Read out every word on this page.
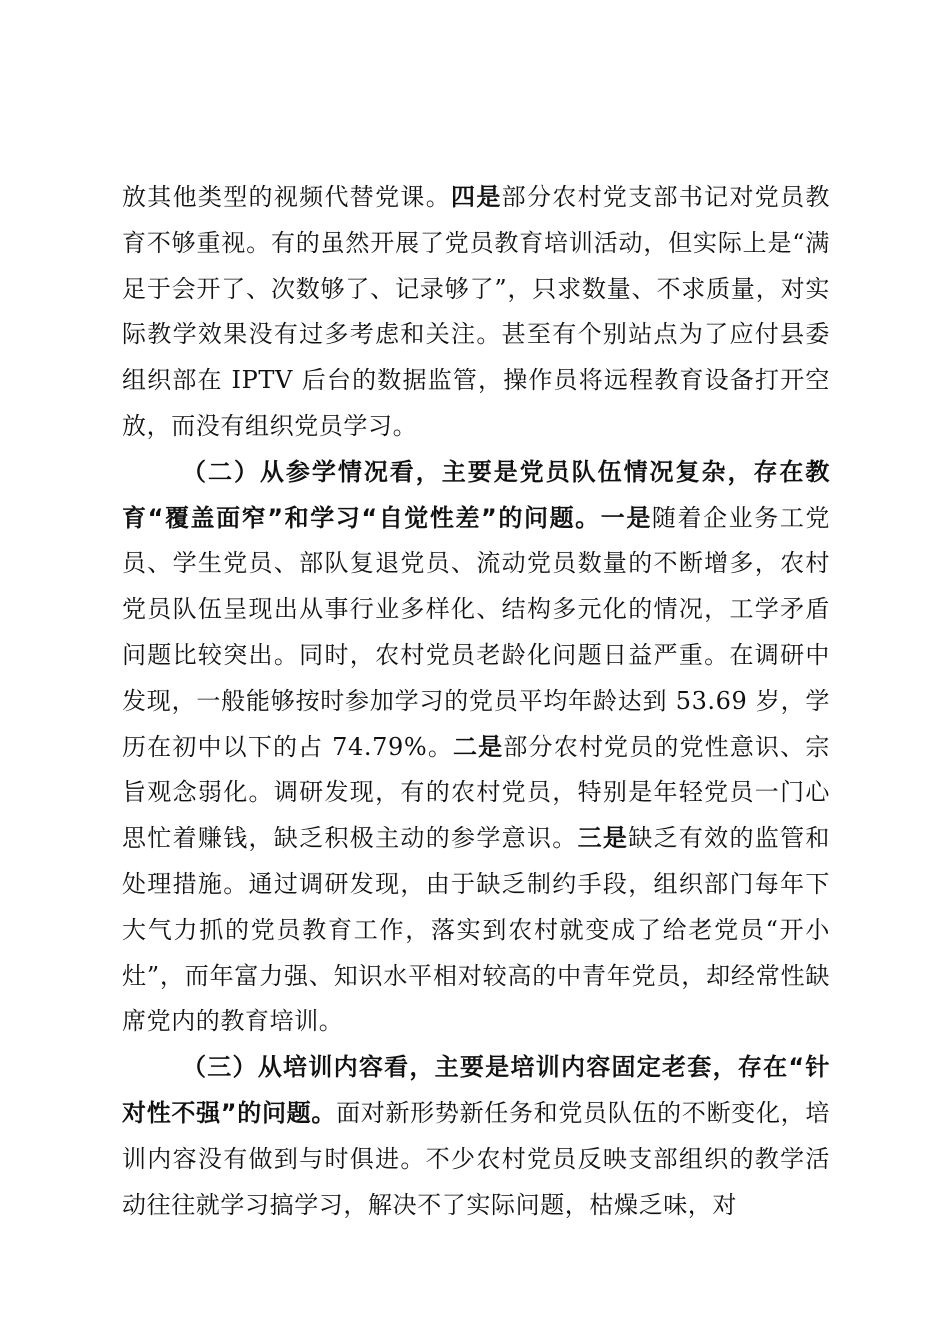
放其他类型的视频代替党课。四是部分农村党支部书记对党员教育不够重视。有的虽然开展了党员教育培训活动，但实际上是“满足于会开了、次数够了、记录够了”，只求数量、不求质量，对实际教学效果没有过多考虑和关注。甚至有个别站点为了应付县委组织部在 IPTV 后台的数据监管，操作员将远程教育设备打开空放，而没有组织党员学习。

（二）从参学情况看，主要是党员队伍情况复杂，存在教育“覆盖面窄”和学习“自觉性差”的问题。一是随着企业务工党员、学生党员、部队复退党员、流动党员数量的不断增多，农村党员队伍呈现出从事行业多样化、结构多元化的情况，工学矛盾问题比较突出。同时，农村党员老龄化问题日益严重。在调研中发现，一般能够按时参加学习的党员平均年龄达到 53.69 岁，学历在初中以下的占 74.79%。二是部分农村党员的党性意识、宗旨观念弱化。调研发现，有的农村党员，特别是年轻党员一门心思忙着赚钱，缺乏积极主动的参学意识。三是缺乏有效的监管和处理措施。通过调研发现，由于缺乏制约手段，组织部门每年下大气力抓的党员教育工作，落实到农村就变成了给老党员“开小灶”，而年富力强、知识水平相对较高的中青年党员，却经常性缺席党内的教育培训。

（三）从培训内容看，主要是培训内容固定老套，存在“针对性不强”的问题。面对新形势新任务和党员队伍的不断变化，培训内容没有做到与时俱进。不少农村党员反映支部组织的教学活动往往就学习搞学习，解决不了实际问题，枯燥乏味，对
